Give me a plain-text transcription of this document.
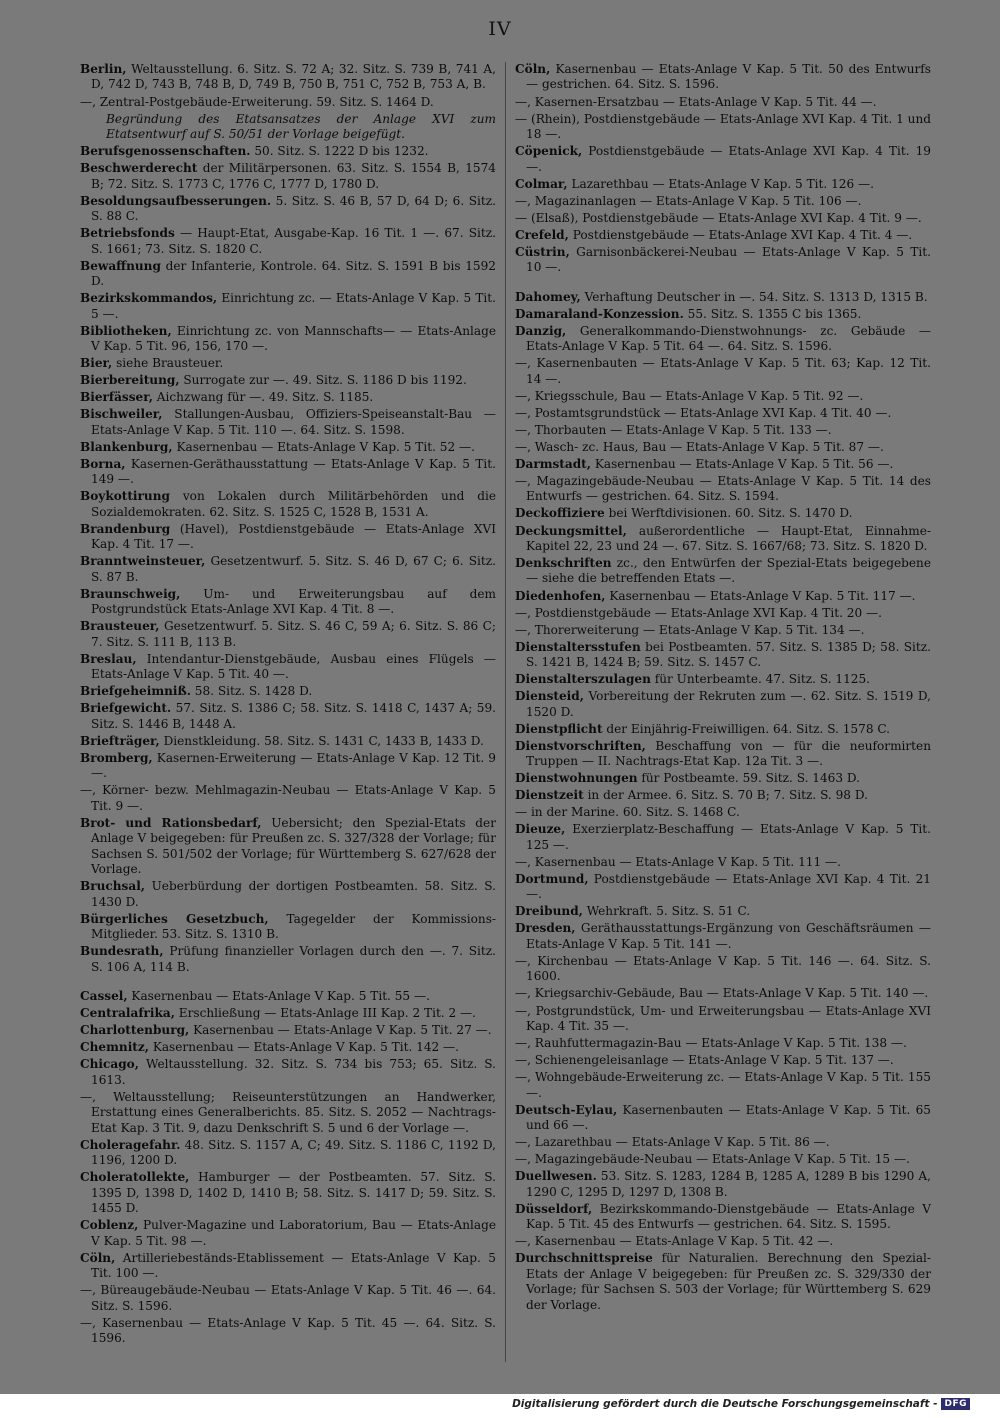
IV
Berlin, Weltausstellung. 6. Sitz. S. 72 A; 32. Sitz. S. 739 B, 741 A, D, 742 D, 743 B, 748 B, D, 749 B, 750 B, 751 C, 752 B, 753 A, B.
—, Zentral-Postgebäude-Erweiterung. 59. Sitz. S. 1464 D.
Begründung des Etatsansatzes der Anlage XVI zum Etatsentwurf auf S. 50/51 der Vorlage beigefügt.
Berufsgenossenschaften. 50. Sitz. S. 1222 D bis 1232.
Beschwerderecht der Militärpersonen. 63. Sitz. S. 1554 B, 1574 B; 72. Sitz. S. 1773 C, 1776 C, 1777 D, 1780 D.
Besoldungsaufbesserungen. 5. Sitz. S. 46 B, 57 D, 64 D; 6. Sitz. S. 88 C.
Betriebsfonds — Haupt-Etat, Ausgabe-Kap. 16 Tit. 1 —. 67. Sitz. S. 1661; 73. Sitz. S. 1820 C.
Bewaffnung der Infanterie, Kontrole. 64. Sitz. S. 1591 B bis 1592 D.
Bezirkskommandos, Einrichtung zc. — Etats-Anlage V Kap. 5 Tit. 5 —.
Bibliotheken, Einrichtung zc. von Mannschafts— — Etats-Anlage V Kap. 5 Tit. 96, 156, 170 —.
Bier, siehe Brausteuer.
Bierbereitung, Surrogate zur —. 49. Sitz. S. 1186 D bis 1192.
Bierfässer, Aichzwang für —. 49. Sitz. S. 1185.
Bischweiler, Stallungen-Ausbau, Offiziers-Speiseanstalt-Bau — Etats-Anlage V Kap. 5 Tit. 110 —. 64. Sitz. S. 1598.
Blankenburg, Kasernenbau — Etats-Anlage V Kap. 5 Tit. 52 —.
Borna, Kasernen-Geräthausstattung — Etats-Anlage V Kap. 5 Tit. 149 —.
Boykottirung von Lokalen durch Militärbehörden und die Sozialdemokraten. 62. Sitz. S. 1525 C, 1528 B, 1531 A.
Brandenburg (Havel), Postdienstgebäude — Etats-Anlage XVI Kap. 4 Tit. 17 —.
Branntweinsteuer, Gesetzentwurf. 5. Sitz. S. 46 D, 67 C; 6. Sitz. S. 87 B.
Braunschweig, Um- und Erweiterungsbau auf dem Postgrundstück Etats-Anlage XVI Kap. 4 Tit. 8 —.
Brausteuer, Gesetzentwurf. 5. Sitz. S. 46 C, 59 A; 6. Sitz. S. 86 C; 7. Sitz. S. 111 B, 113 B.
Breslau, Intendantur-Dienstgebäude, Ausbau eines Flügels — Etats-Anlage V Kap. 5 Tit. 40 —.
Briefgeheimniß. 58. Sitz. S. 1428 D.
Briefgewicht. 57. Sitz. S. 1386 C; 58. Sitz. S. 1418 C, 1437 A; 59. Sitz. S. 1446 B, 1448 A.
Briefträger, Dienstkleidung. 58. Sitz. S. 1431 C, 1433 B, 1433 D.
Bromberg, Kasernen-Erweiterung — Etats-Anlage V Kap. 12 Tit. 9 —.
—, Körner- bezw. Mehlmagazin-Neubau — Etats-Anlage V Kap. 5 Tit. 9 —.
Brot- und Rationsbedarf, Uebersicht; den Spezial-Etats der Anlage V beigegeben: für Preußen zc. S. 327/328 der Vorlage; für Sachsen S. 501/502 der Vorlage; für Württemberg S. 627/628 der Vorlage.
Bruchsal, Ueberbürdung der dortigen Postbeamten. 58. Sitz. S. 1430 D.
Bürgerliches Gesetzbuch, Tagegelder der Kommissions-Mitglieder. 53. Sitz. S. 1310 B.
Bundesrath, Prüfung finanzieller Vorlagen durch den —. 7. Sitz. S. 106 A, 114 B.
Cassel, Kasernenbau — Etats-Anlage V Kap. 5 Tit. 55 —.
Centralafrika, Erschließung — Etats-Anlage III Kap. 2 Tit. 2 —.
Charlottenburg, Kasernenbau — Etats-Anlage V Kap. 5 Tit. 27 —.
Chemnitz, Kasernenbau — Etats-Anlage V Kap. 5 Tit. 142 —.
Chicago, Weltausstellung. 32. Sitz. S. 734 bis 753; 65. Sitz. S. 1613.
—, Weltausstellung; Reiseunterstützungen an Handwerker, Erstattung eines Generalberichts. 85. Sitz. S. 2052 — Nachtrags-Etat Kap. 3 Tit. 9, dazu Denkschrift S. 5 und 6 der Vorlage —.
Choleragefahr. 48. Sitz. S. 1157 A, C; 49. Sitz. S. 1186 C, 1192 D, 1196, 1200 D.
Choleratollekte, Hamburger — der Postbeamten. 57. Sitz. S. 1395 D, 1398 D, 1402 D, 1410 B; 58. Sitz. S. 1417 D; 59. Sitz. S. 1455 D.
Coblenz, Pulver-Magazine und Laboratorium, Bau — Etats-Anlage V Kap. 5 Tit. 98 —.
Cöln, Artilleriebeständs-Etablissement — Etats-Anlage V Kap. 5 Tit. 100 —.
—, Büreaugebäude-Neubau — Etats-Anlage V Kap. 5 Tit. 46 —. 64. Sitz. S. 1596.
—, Kasernenbau — Etats-Anlage V Kap. 5 Tit. 45 —. 64. Sitz. S. 1596.
Cöln, Kasernenbau — Etats-Anlage V Kap. 5 Tit. 50 des Entwurfs — gestrichen. 64. Sitz. S. 1596.
—, Kasernen-Ersatzbau — Etats-Anlage V Kap. 5 Tit. 44 —.
— (Rhein), Postdienstgebäude — Etats-Anlage XVI Kap. 4 Tit. 1 und 18 —.
Cöpenick, Postdienstgebäude — Etats-Anlage XVI Kap. 4 Tit. 19 —.
Colmar, Lazarethbau — Etats-Anlage V Kap. 5 Tit. 126 —.
—, Magazinanlagen — Etats-Anlage V Kap. 5 Tit. 106 —.
— (Elsaß), Postdienstgebäude — Etats-Anlage XVI Kap. 4 Tit. 9 —.
Crefeld, Postdienstgebäude — Etats-Anlage XVI Kap. 4 Tit. 4 —.
Cüstrin, Garnisonbäckerei-Neubau — Etats-Anlage V Kap. 5 Tit. 10 —.
Dahomey, Verhaftung Deutscher in —. 54. Sitz. S. 1313 D, 1315 B.
Damaraland-Konzession. 55. Sitz. S. 1355 C bis 1365.
Danzig, Generalkommando-Dienstwohnungs- zc. Gebäude — Etats-Anlage V Kap. 5 Tit. 64 —. 64. Sitz. S. 1596.
—, Kasernenbauten — Etats-Anlage V Kap. 5 Tit. 63; Kap. 12 Tit. 14 —.
—, Kriegsschule, Bau — Etats-Anlage V Kap. 5 Tit. 92 —.
—, Postamtsgrundstück — Etats-Anlage XVI Kap. 4 Tit. 40 —.
—, Thorbauten — Etats-Anlage V Kap. 5 Tit. 133 —.
—, Wasch- zc. Haus, Bau — Etats-Anlage V Kap. 5 Tit. 87 —.
Darmstadt, Kasernenbau — Etats-Anlage V Kap. 5 Tit. 56 —.
—, Magazingebäude-Neubau — Etats-Anlage V Kap. 5 Tit. 14 des Entwurfs — gestrichen. 64. Sitz. S. 1594.
Deckoffiziere bei Werftdivisionen. 60. Sitz. S. 1470 D.
Deckungsmittel, außerordentliche — Haupt-Etat, Einnahme-Kapitel 22, 23 und 24 —. 67. Sitz. S. 1667/68; 73. Sitz. S. 1820 D.
Denkschriften zc., den Entwürfen der Spezial-Etats beigegebene — siehe die betreffenden Etats —.
Diedenhofen, Kasernenbau — Etats-Anlage V Kap. 5 Tit. 117 —.
—, Postdienstgebäude — Etats-Anlage XVI Kap. 4 Tit. 20 —.
—, Thorerweiterung — Etats-Anlage V Kap. 5 Tit. 134 —.
Dienstaltersstufen bei Postbeamten. 57. Sitz. S. 1385 D; 58. Sitz. S. 1421 B, 1424 B; 59. Sitz. S. 1457 C.
Dienstalterszulagen für Unterbeamte. 47. Sitz. S. 1125.
Diensteid, Vorbereitung der Rekruten zum —. 62. Sitz. S. 1519 D, 1520 D.
Dienstpflicht der Einjährig-Freiwilligen. 64. Sitz. S. 1578 C.
Dienstvorschriften, Beschaffung von — für die neuformirten Truppen — II. Nachtrags-Etat Kap. 12a Tit. 3 —.
Dienstwohnungen für Postbeamte. 59. Sitz. S. 1463 D.
Dienstzeit in der Armee. 6. Sitz. S. 70 B; 7. Sitz. S. 98 D.
— in der Marine. 60. Sitz. S. 1468 C.
Dieuze, Exerzierplatz-Beschaffung — Etats-Anlage V Kap. 5 Tit. 125 —.
—, Kasernenbau — Etats-Anlage V Kap. 5 Tit. 111 —.
Dortmund, Postdienstgebäude — Etats-Anlage XVI Kap. 4 Tit. 21 —.
Dreibund, Wehrkraft. 5. Sitz. S. 51 C.
Dresden, Geräthausstattungs-Ergänzung von Geschäftsräumen — Etats-Anlage V Kap. 5 Tit. 141 —.
—, Kirchenbau — Etats-Anlage V Kap. 5 Tit. 146 —. 64. Sitz. S. 1600.
—, Kriegsarchiv-Gebäude, Bau — Etats-Anlage V Kap. 5 Tit. 140 —.
—, Postgrundstück, Um- und Erweiterungsbau — Etats-Anlage XVI Kap. 4 Tit. 35 —.
—, Rauhfuttermagazin-Bau — Etats-Anlage V Kap. 5 Tit. 138 —.
—, Schienengeleisanlage — Etats-Anlage V Kap. 5 Tit. 137 —.
—, Wohngebäude-Erweiterung zc. — Etats-Anlage V Kap. 5 Tit. 155 —.
Deutsch-Eylau, Kasernenbauten — Etats-Anlage V Kap. 5 Tit. 65 und 66 —.
—, Lazarethbau — Etats-Anlage V Kap. 5 Tit. 86 —.
—, Magazingebäude-Neubau — Etats-Anlage V Kap. 5 Tit. 15 —.
Duellwesen. 53. Sitz. S. 1283, 1284 B, 1285 A, 1289 B bis 1290 A, 1290 C, 1295 D, 1297 D, 1308 B.
Düsseldorf, Bezirkskommando-Dienstgebäude — Etats-Anlage V Kap. 5 Tit. 45 des Entwurfs — gestrichen. 64. Sitz. S. 1595.
—, Kasernenbau — Etats-Anlage V Kap. 5 Tit. 42 —.
Durchschnittspreise für Naturalien. Berechnung den Spezial-Etats der Anlage V beigegeben: für Preußen zc. S. 329/330 der Vorlage; für Sachsen S. 503 der Vorlage; für Württemberg S. 629 der Vorlage.
Digitalisierung gefördert durch die Deutsche Forschungsgemeinschaft - DFG
